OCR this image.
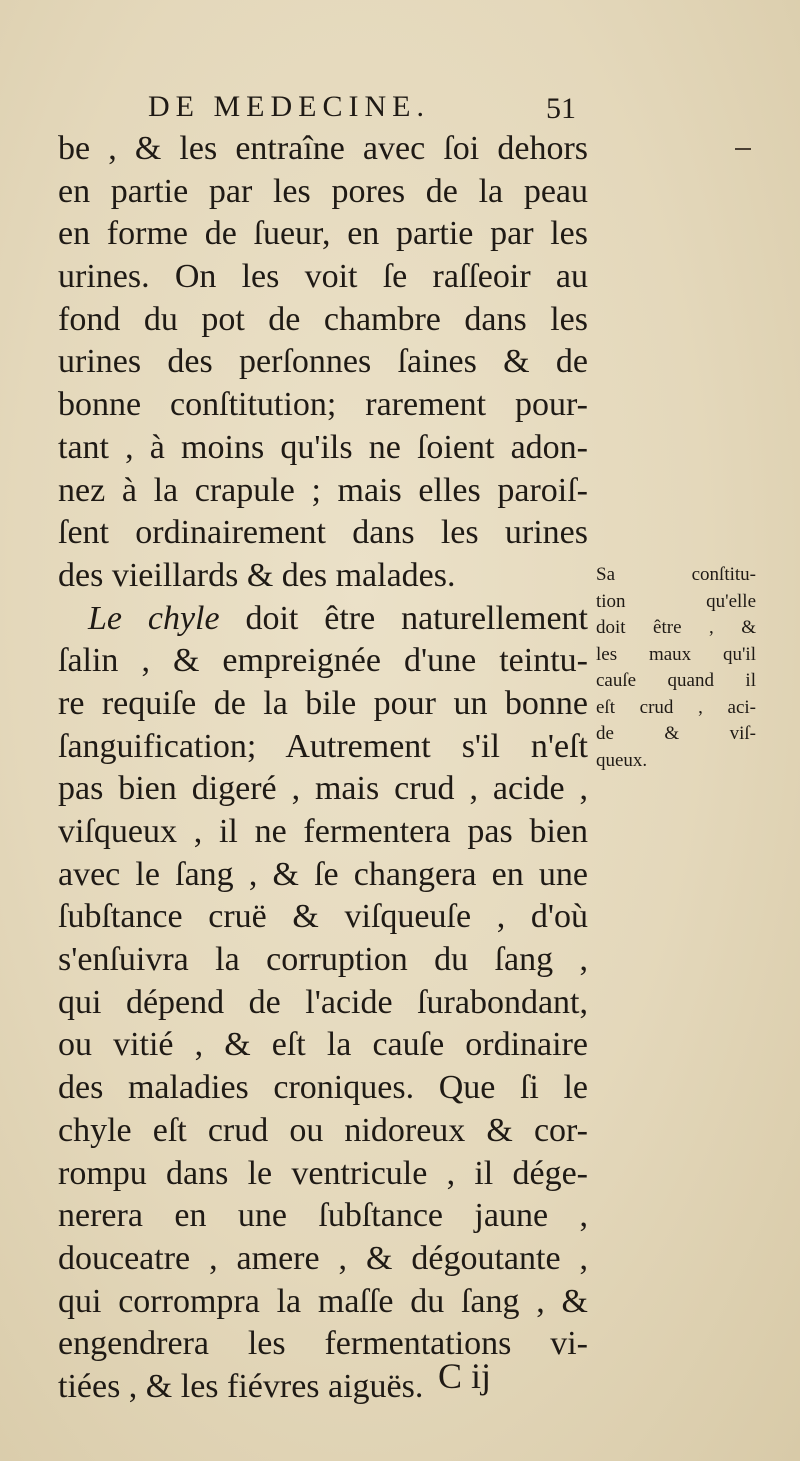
DE MEDECINE.	51
be , & les entraîne avec ſoi dehors
en partie par les pores de la peau
en forme de ſueur, en partie par les
urines. On les voit ſe raſſeoir au
fond du pot de chambre dans les
urines des perſonnes ſaines & de
bonne conſtitution; rarement pour-
tant , à moins qu'ils ne ſoient adon-
nez à la crapule ; mais elles paroiſ-
ſent ordinairement dans les urines
des vieillards & des malades.
Le chyle doit être naturellement
ſalin , & empreignée d'une teintu-
re requiſe de la bile pour un bonne
ſanguification; Autrement s'il n'eſt
pas bien digeré , mais crud , acide ,
viſqueux , il ne fermentera pas bien
avec le ſang , & ſe changera en une
ſubſtance cruë & viſqueuſe , d'où
s'enſuivra la corruption du ſang ,
qui dépend de l'acide ſurabondant,
ou vitié , & eſt la cauſe ordinaire
des maladies croniques. Que ſi le
chyle eſt crud ou nidoreux & cor-
rompu dans le ventricule , il dége-
nerera en une ſubſtance jaune ,
douceatre , amere , & dégoutante ,
qui corrompra la maſſe du ſang , &
engendrera les fermentations vi-
tiées , & les fiévres aiguës.
Sa conſtitu-
tion qu'elle
doit être , &
les maux qu'il
cauſe quand il
eſt crud , aci-
de & viſ-
queux.
C ij
